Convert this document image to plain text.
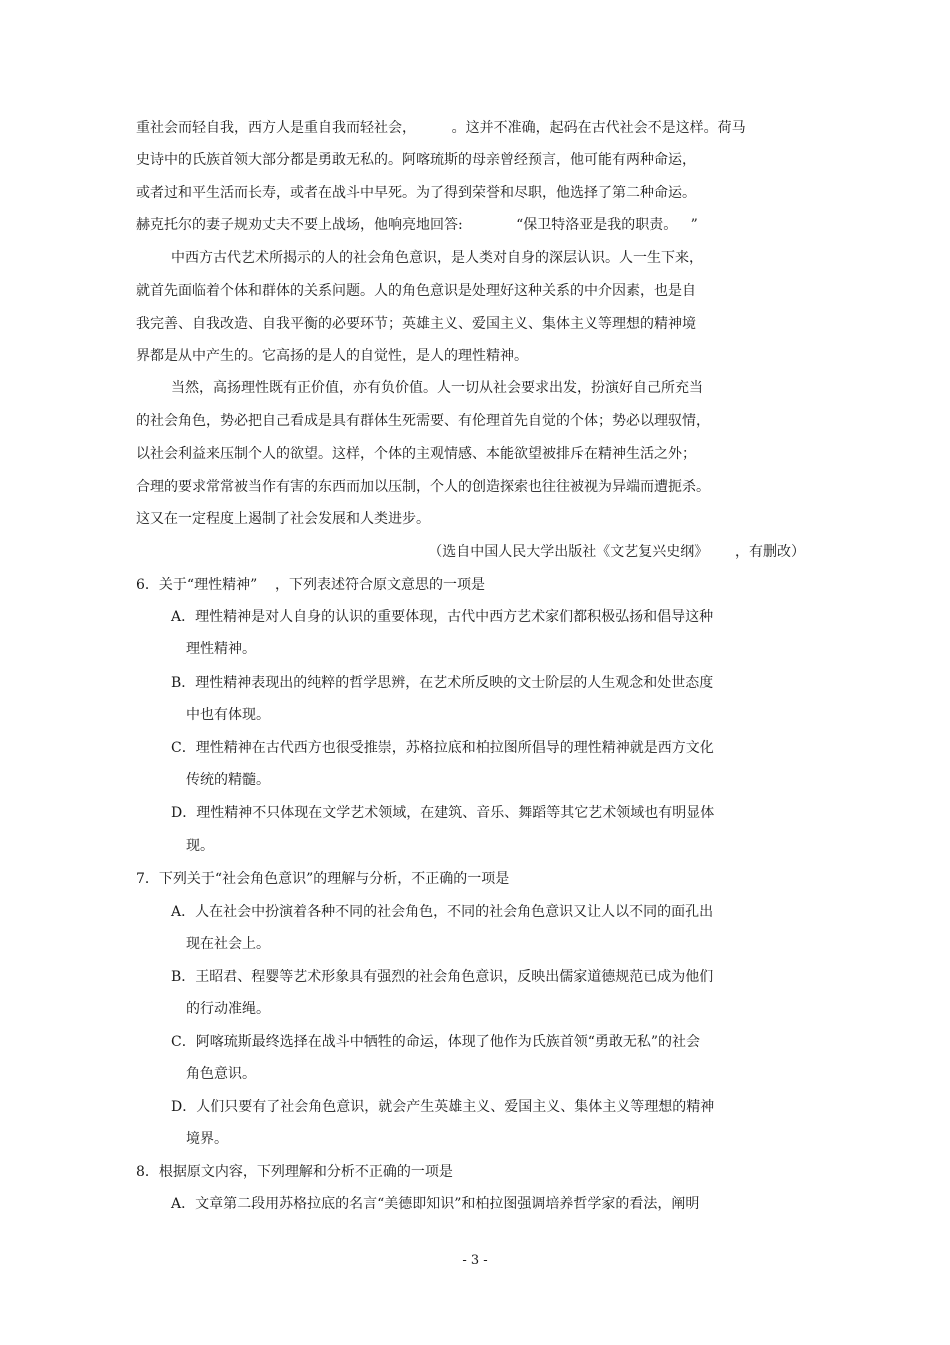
重社会而轻自我，西方人是重自我而轻社会，        。这并不准确，起码在古代社会不是这样。荷马
史诗中的氏族首领大部分都是勇敢无私的。阿喀琉斯的母亲曾经预言，他可能有两种命运，
或者过和平生活而长寿，或者在战斗中早死。为了得到荣誉和尽职，他选择了第二种命运。
赫克托尔的妻子规劝丈夫不要上战场，他响亮地回答:            “保卫特洛亚是我的职责。   ”
中西方古代艺术所揭示的人的社会角色意识，是人类对自身的深层认识。人一生下来，
就首先面临着个体和群体的关系问题。人的角色意识是处理好这种关系的中介因素，也是自
我完善、自我改造、自我平衡的必要环节；英雄主义、爱国主义、集体主义等理想的精神境
界都是从中产生的。它高扬的是人的自觉性，是人的理性精神。
当然，高扬理性既有正价值，亦有负价值。人一切从社会要求出发，扮演好自己所充当
的社会角色，势必把自己看成是具有群体生死需要、有伦理首先自觉的个体；势必以理驭情，
以社会利益来压制个人的欲望。这样，个体的主观情感、本能欲望被排斥在精神生活之外；
合理的要求常常被当作有害的东西而加以压制，个人的创造探索也往往被视为异端而遭扼杀。
这又在一定程度上遏制了社会发展和人类进步。
（选自中国人民大学出版社《文艺复兴史纲》      ，有删改）
6．关于“理性精神”    ，下列表述符合原文意思的一项是
A．理性精神是对人自身的认识的重要体现，古代中西方艺术家们都积极弘扬和倡导这种
理性精神。
B．理性精神表现出的纯粹的哲学思辨，在艺术所反映的文士阶层的人生观念和处世态度
中也有体现。
C．理性精神在古代西方也很受推崇，苏格拉底和柏拉图所倡导的理性精神就是西方文化
传统的精髓。
D．理性精神不只体现在文学艺术领域，在建筑、音乐、舞蹈等其它艺术领域也有明显体
现。
7．下列关于“社会角色意识”的理解与分析，不正确的一项是
A．人在社会中扮演着各种不同的社会角色，不同的社会角色意识又让人以不同的面孔出
现在社会上。
B．王昭君、程婴等艺术形象具有强烈的社会角色意识，反映出儒家道德规范已成为他们
的行动准绳。
C．阿喀琉斯最终选择在战斗中牺牲的命运，体现了他作为氏族首领“勇敢无私”的社会
角色意识。
D．人们只要有了社会角色意识，就会产生英雄主义、爱国主义、集体主义等理想的精神
境界。
8．根据原文内容，下列理解和分析不正确的一项是
A．文章第二段用苏格拉底的名言“美德即知识”和柏拉图强调培养哲学家的看法，阐明
- 3 -
